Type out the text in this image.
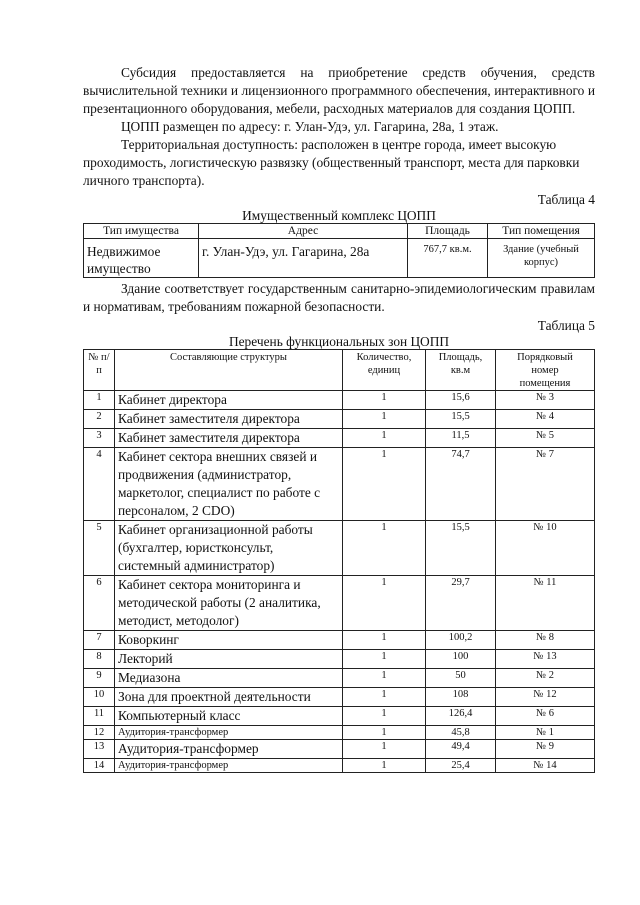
Субсидия предоставляется на приобретение средств обучения, средств вычислительной техники и лицензионного программного обеспечения, интерактивного и презентационного оборудования, мебели, расходных материалов для создания ЦОПП.

ЦОПП размещен по адресу: г. Улан-Удэ, ул. Гагарина, 28а, 1 этаж.

Территориальная доступность: расположен в центре города, имеет высокую проходимость, логистическую развязку (общественный транспорт, места для парковки личного транспорта).

Таблица 4
Имущественный комплекс ЦОПП
Тип имущества	Адрес	Площадь	Тип помещения
Недвижимое имущество	г. Улан-Удэ, ул. Гагарина, 28а	767,7 кв.м.	Здание (учебный корпус)

Здание соответствует государственным санитарно-эпидемиологическим правилам и нормативам, требованиям пожарной безопасности.

Таблица 5
Перечень функциональных зон ЦОПП
№ п/п	Составляющие структуры	Количество, единиц	Площадь, кв.м	Порядковый номер помещения
1	Кабинет директора	1	15,6	№ 3
2	Кабинет заместителя директора	1	15,5	№ 4
3	Кабинет заместителя директора	1	11,5	№ 5
4	Кабинет сектора внешних связей и продвижения (администратор, маркетолог, специалист по работе с персоналом, 2 CDO)	1	74,7	№ 7
5	Кабинет организационной работы (бухгалтер, юристконсульт, системный администратор)	1	15,5	№ 10
6	Кабинет сектора мониторинга и методической работы (2 аналитика, методист, методолог)	1	29,7	№ 11
7	Коворкинг	1	100,2	№ 8
8	Лекторий	1	100	№ 13
9	Медиазона	1	50	№ 2
10	Зона для проектной деятельности	1	108	№ 12
11	Компьютерный класс	1	126,4	№ 6
12	Аудитория-трансформер	1	45,8	№ 1
13	Аудитория-трансформер	1	49,4	№ 9
14	Аудитория-трансформер	1	25,4	№ 14
